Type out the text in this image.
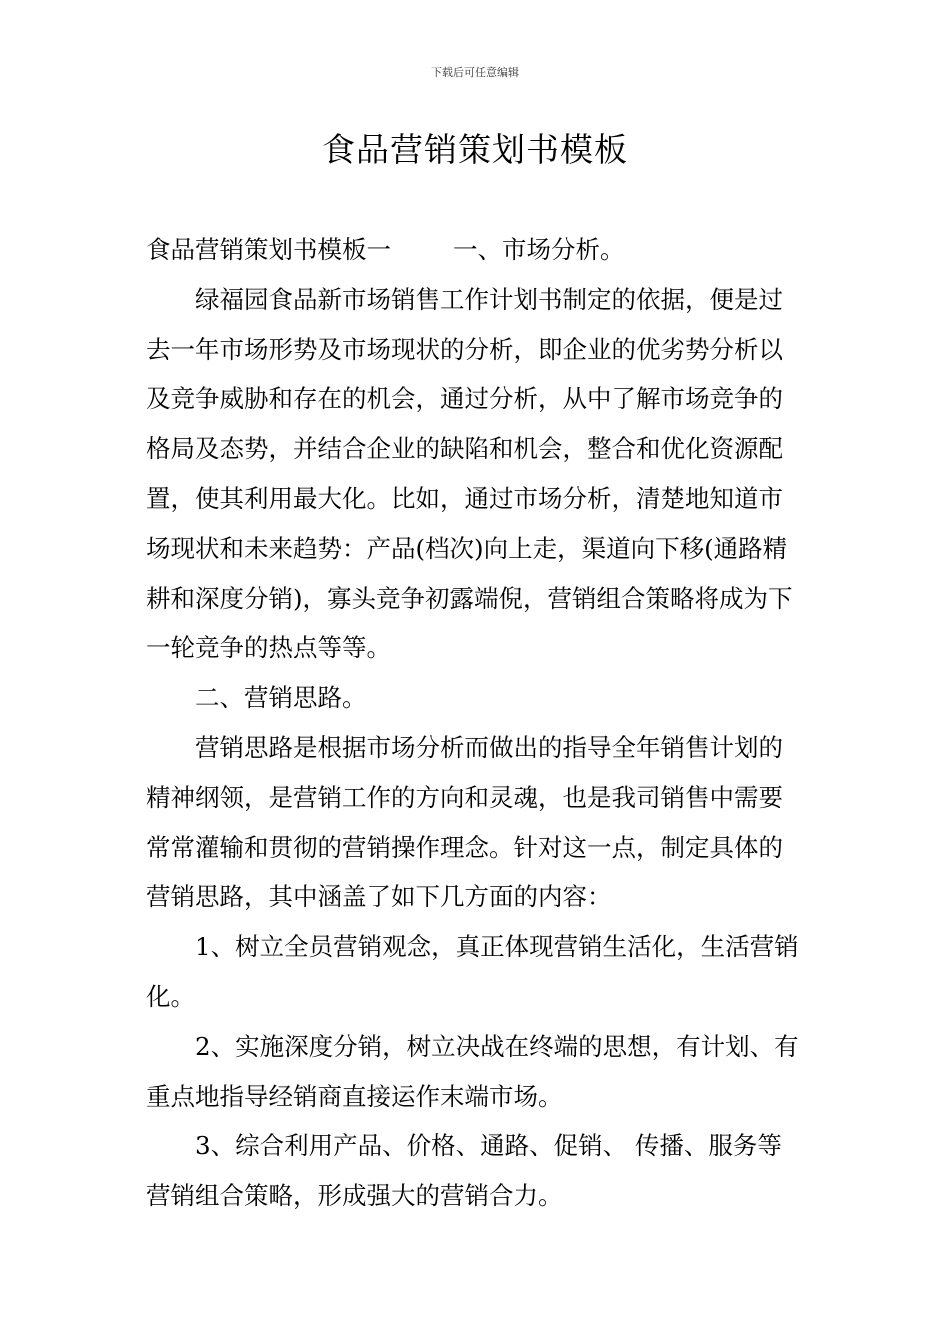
下载后可任意编辑
食品营销策划书模板

食品营销策划书模板一	一、市场分析。

绿福园食品新市场销售工作计划书制定的依据，便是过去一年市场形势及市场现状的分析，即企业的优劣势分析以及竞争威胁和存在的机会，通过分析，从中了解市场竞争的格局及态势，并结合企业的缺陷和机会，整合和优化资源配置，使其利用最大化。比如，通过市场分析，清楚地知道市场现状和未来趋势：产品(档次)向上走，渠道向下移(通路精耕和深度分销)，寡头竞争初露端倪，营销组合策略将成为下一轮竞争的热点等等。

二、营销思路。

营销思路是根据市场分析而做出的指导全年销售计划的精神纲领，是营销工作的方向和灵魂，也是我司销售中需要常常灌输和贯彻的营销操作理念。针对这一点，制定具体的营销思路，其中涵盖了如下几方面的内容：

1、树立全员营销观念，真正体现营销生活化，生活营销化。

2、实施深度分销，树立决战在终端的思想，有计划、有重点地指导经销商直接运作末端市场。

3、综合利用产品、价格、通路、促销、 传播、服务等营销组合策略，形成强大的营销合力。
